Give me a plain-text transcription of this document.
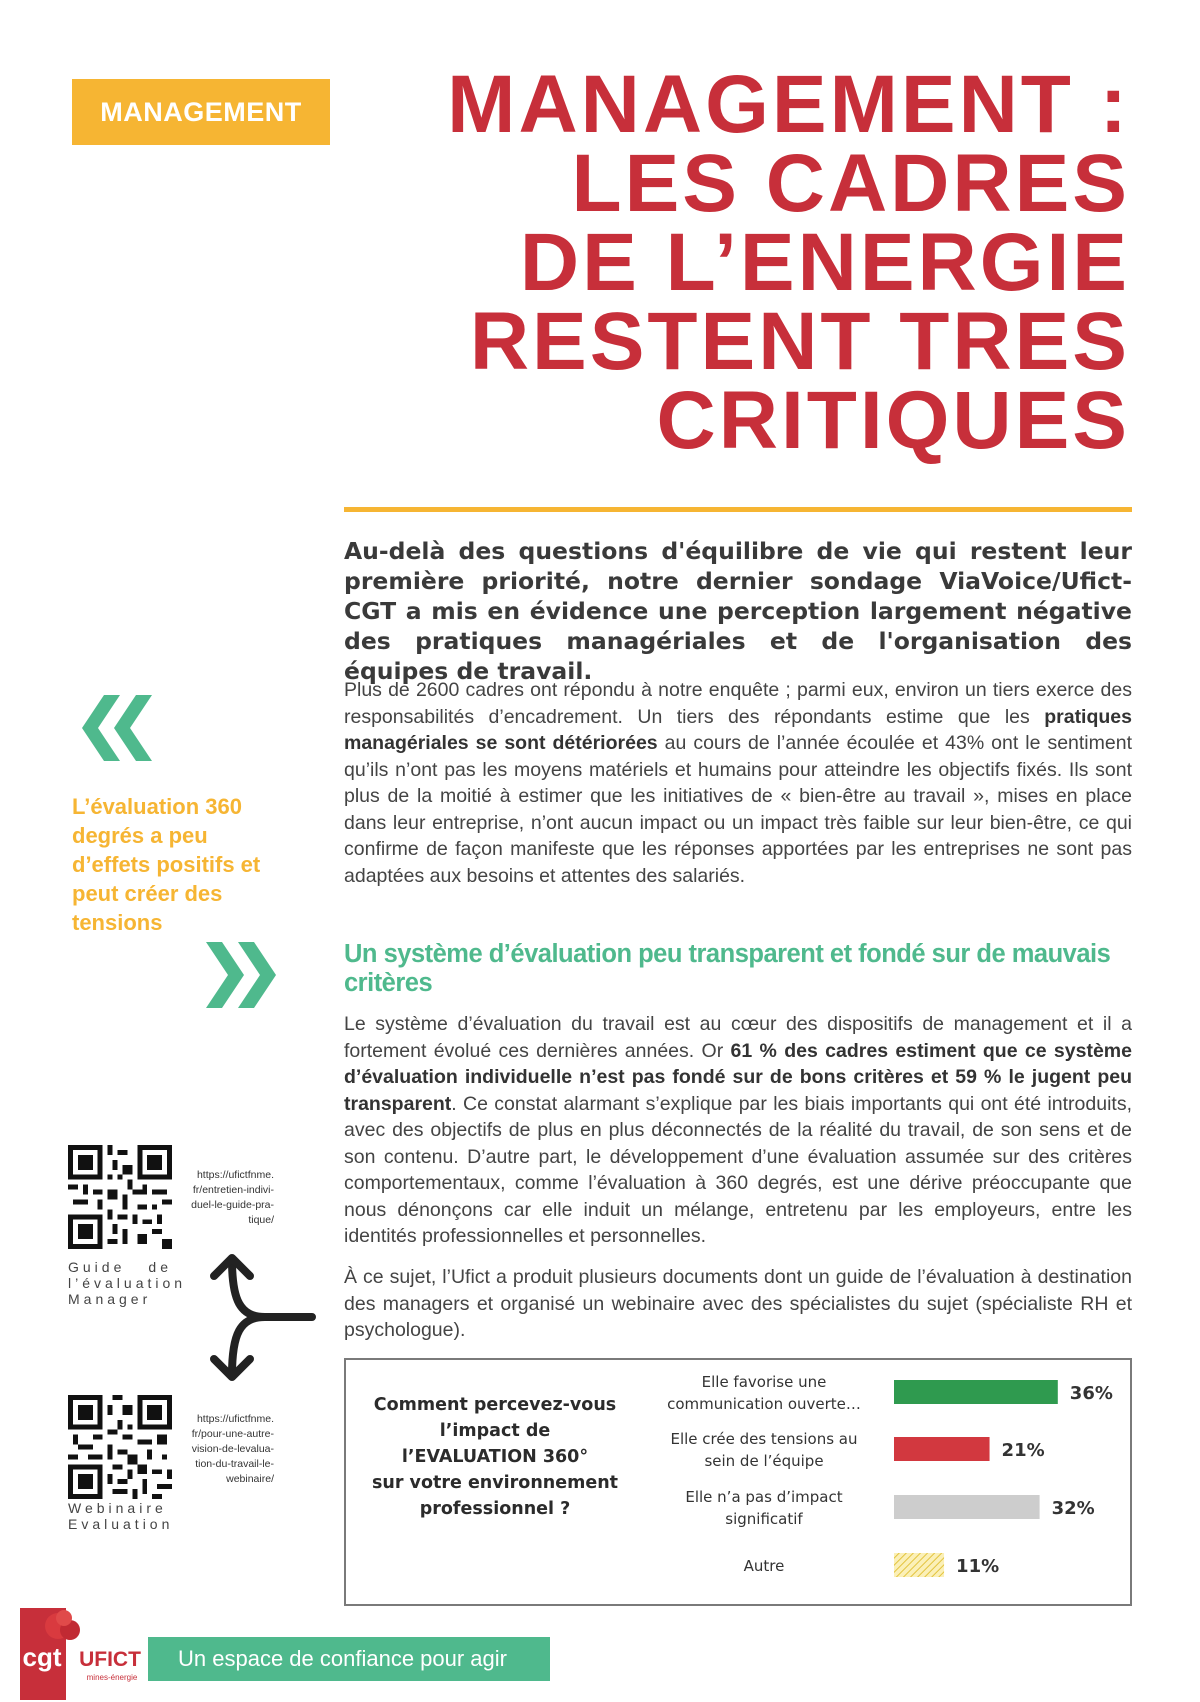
MANAGEMENT	MANAGEMENT :
LES CADRES
DE L’ENERGIE
RESTENT TRES
CRITIQUES
Au-delà des questions d'équilibre de vie qui restent leur première priorité, notre dernier sondage ViaVoice/Ufict-CGT a mis en évidence une perception largement négative des pratiques managériales et de l'organisation des équipes de travail.
Plus de 2600 cadres ont répondu à notre enquête ; parmi eux, environ un tiers exerce des responsabilités d’encadrement. Un tiers des répondants estime que les pratiques managériales se sont détériorées au cours de l’année écoulée et 43% ont le sentiment qu’ils n’ont pas les moyens matériels et humains pour atteindre les objectifs fixés. Ils sont plus de la moitié à estimer que les initiatives de « bien-être au travail », mises en place dans leur entreprise, n’ont aucun impact ou un impact très faible sur leur bien-être, ce qui confirme de façon manifeste que les réponses apportées par les entreprises ne sont pas adaptées aux besoins et attentes des salariés.
Un système d’évaluation peu transparent et fondé sur de mauvais critères
Le système d’évaluation du travail est au cœur des dispositifs de management et il a fortement évolué ces dernières années. Or 61 % des cadres estiment que ce système d’évaluation individuelle n’est pas fondé sur de bons critères et 59 % le jugent peu transparent. Ce constat alarmant s’explique par les biais importants qui ont été introduits, avec des objectifs de plus en plus déconnectés de la réalité du travail, de son sens et de son contenu. D’autre part, le développement d’une évaluation assumée sur des critères comportementaux, comme l’évaluation à 360 degrés, est une dérive préoccupante que nous dénonçons car elle induit un mélange, entretenu par les employeurs, entre les identités professionnelles et personnelles.
À ce sujet, l’Ufict a produit plusieurs documents dont un guide de l’évaluation à destination des managers et organisé un webinaire avec des spécialistes du sujet (spécialiste RH et psychologue).
L’évaluation 360 degrés a peu d’effets positifs et peut créer des tensions
https://ufictfnme.
fr/entretien-indivi-
duel-le-guide-pra-
tique/
Guide de
l’évaluation
Manager
https://ufictfnme.
fr/pour-une-autre-
vision-de-levalua-
tion-du-travail-le-
webinaire/
Webinaire
Evaluation
Comment percevez-vous
l’impact de
l’EVALUATION 360°
sur votre environnement
professionnel ?
Elle favorise une
communication ouverte…	36%
Elle crée des tensions au
sein de l’équipe	21%
Elle n’a pas d’impact
significatif	32%
Autre	11%
cgt UFICT
mines-énergie
Un espace de confiance pour agir
